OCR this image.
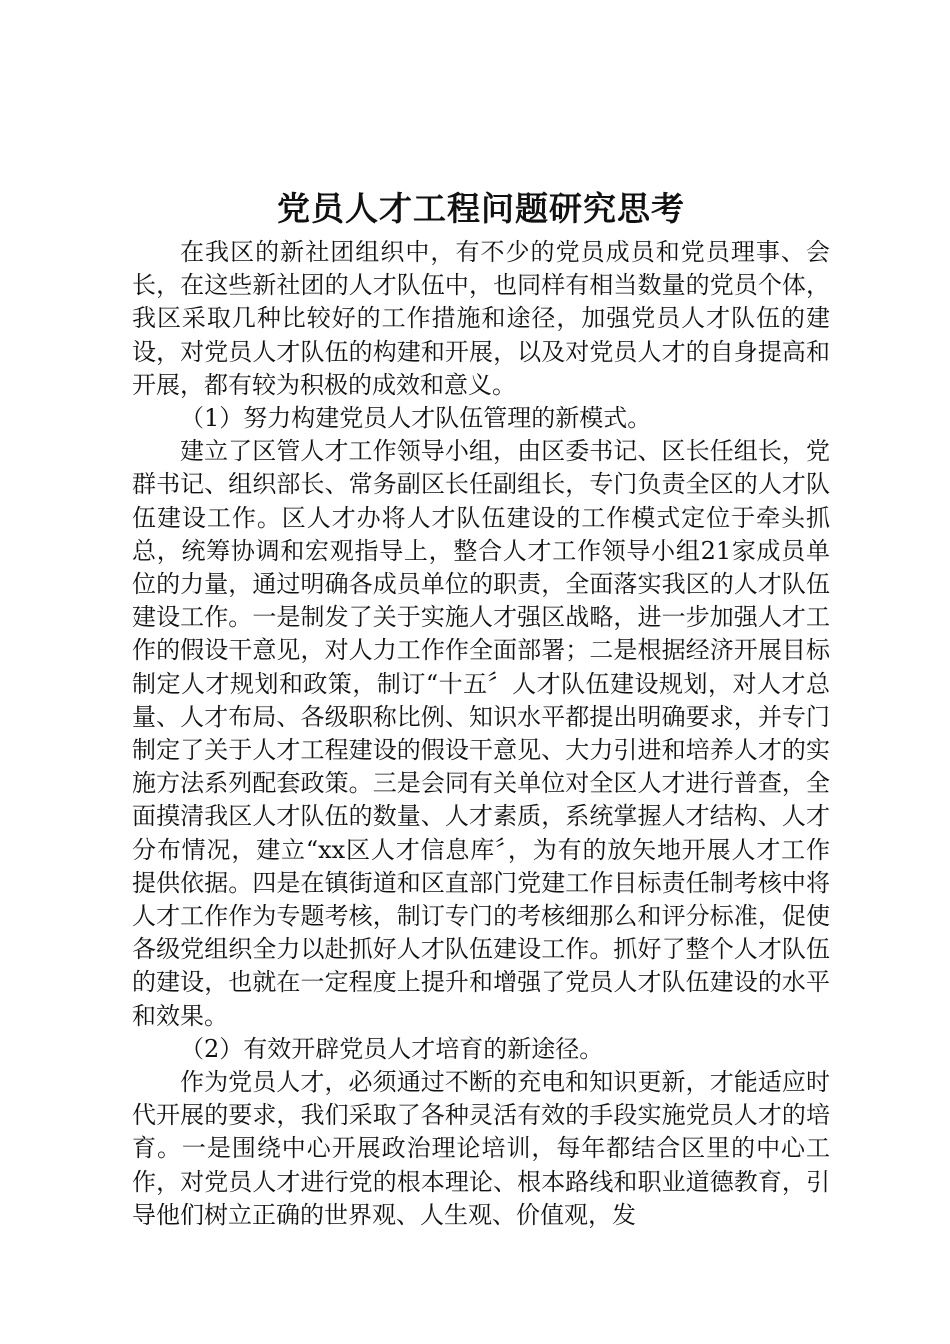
党员人才工程问题研究思考

在我区的新社团组织中，有不少的党员成员和党员理事、会长，在这些新社团的人才队伍中，也同样有相当数量的党员个体，我区采取几种比较好的工作措施和途径，加强党员人才队伍的建设，对党员人才队伍的构建和开展，以及对党员人才的自身提高和开展，都有较为积极的成效和意义。

（1）努力构建党员人才队伍管理的新模式。

建立了区管人才工作领导小组，由区委书记、区长任组长，党群书记、组织部长、常务副区长任副组长，专门负责全区的人才队伍建设工作。区人才办将人才队伍建设的工作模式定位于牵头抓总，统筹协调和宏观指导上，整合人才工作领导小组21家成员单位的力量，通过明确各成员单位的职责，全面落实我区的人才队伍建设工作。一是制发了关于实施人才强区战略，进一步加强人才工作的假设干意见，对人力工作作全面部署；二是根据经济开展目标制定人才规划和政策，制订“十五〞人才队伍建设规划，对人才总量、人才布局、各级职称比例、知识水平都提出明确要求，并专门制定了关于人才工程建设的假设干意见、大力引进和培养人才的实施方法系列配套政策。三是会同有关单位对全区人才进行普查，全面摸清我区人才队伍的数量、人才素质，系统掌握人才结构、人才分布情况，建立“xx区人才信息库〞，为有的放矢地开展人才工作提供依据。四是在镇街道和区直部门党建工作目标责任制考核中将人才工作作为专题考核，制订专门的考核细那么和评分标准，促使各级党组织全力以赴抓好人才队伍建设工作。抓好了整个人才队伍的建设，也就在一定程度上提升和增强了党员人才队伍建设的水平和效果。

（2）有效开辟党员人才培育的新途径。

作为党员人才，必须通过不断的充电和知识更新，才能适应时代开展的要求，我们采取了各种灵活有效的手段实施党员人才的培育。一是围绕中心开展政治理论培训，每年都结合区里的中心工作，对党员人才进行党的根本理论、根本路线和职业道德教育，引导他们树立正确的世界观、人生观、价值观，发
